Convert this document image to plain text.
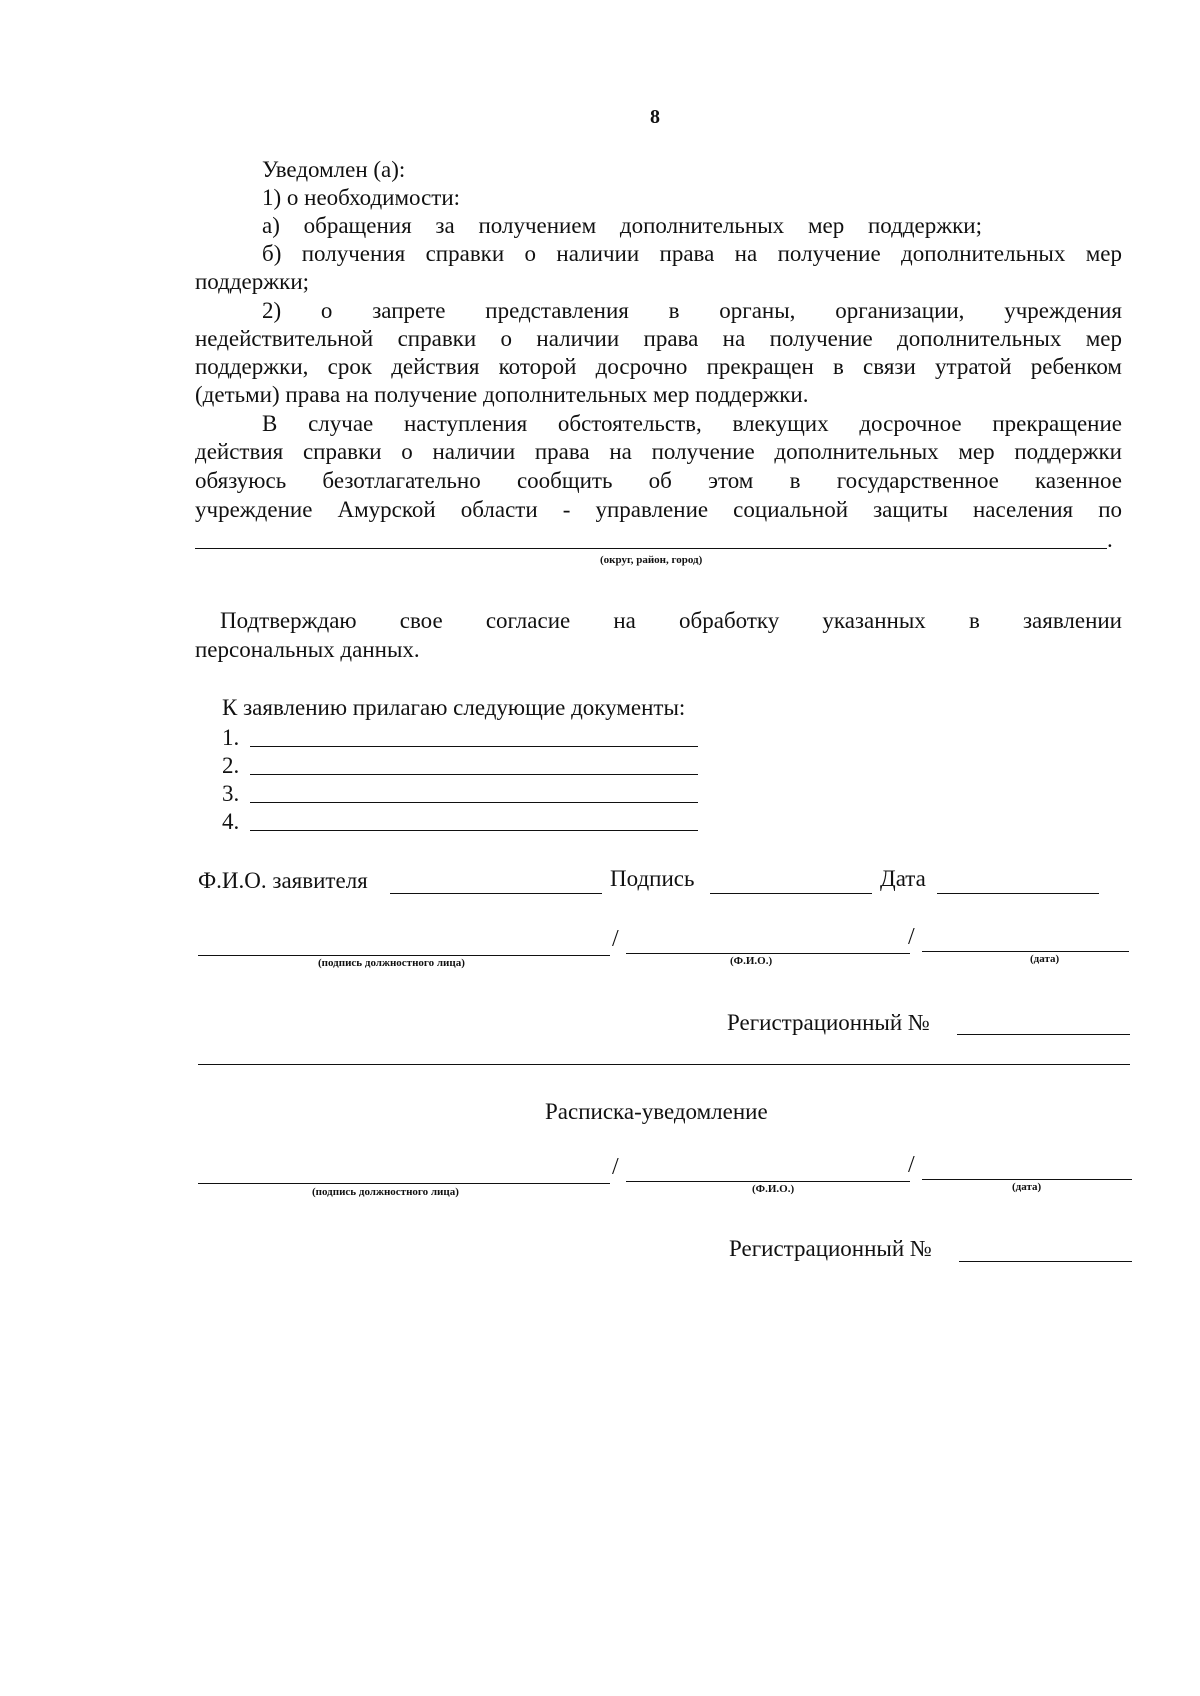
8
Уведомлен (а):
1) о необходимости:
а) обращения за получением дополнительных мер поддержки;
б) получения справки о наличии права на получение дополнительных мер
поддержки;
2) о запрете представления в органы, организации, учреждения
недействительной справки о наличии права на получение дополнительных мер
поддержки, срок действия которой досрочно прекращен в связи утратой ребенком
(детьми) права на получение дополнительных мер поддержки.
В случае наступления обстоятельств, влекущих досрочное прекращение
действия справки о наличии права на получение дополнительных мер поддержки
обязуюсь безотлагательно сообщить об этом в государственное казенное
учреждение Амурской области - управление социальной защиты населения по
.
(округ, район, город)
Подтверждаю свое согласие на обработку указанных в заявлении
персональных данных.
К заявлению прилагаю следующие документы:
1.
2.
3.
4.
Ф.И.О. заявителя	Подпись	Дата
/	/
(подпись должностного лица)	(Ф.И.О.)	(дата)
Регистрационный №
Расписка-уведомление
/	/
(подпись должностного лица)	(Ф.И.О.)	(дата)
Регистрационный №
